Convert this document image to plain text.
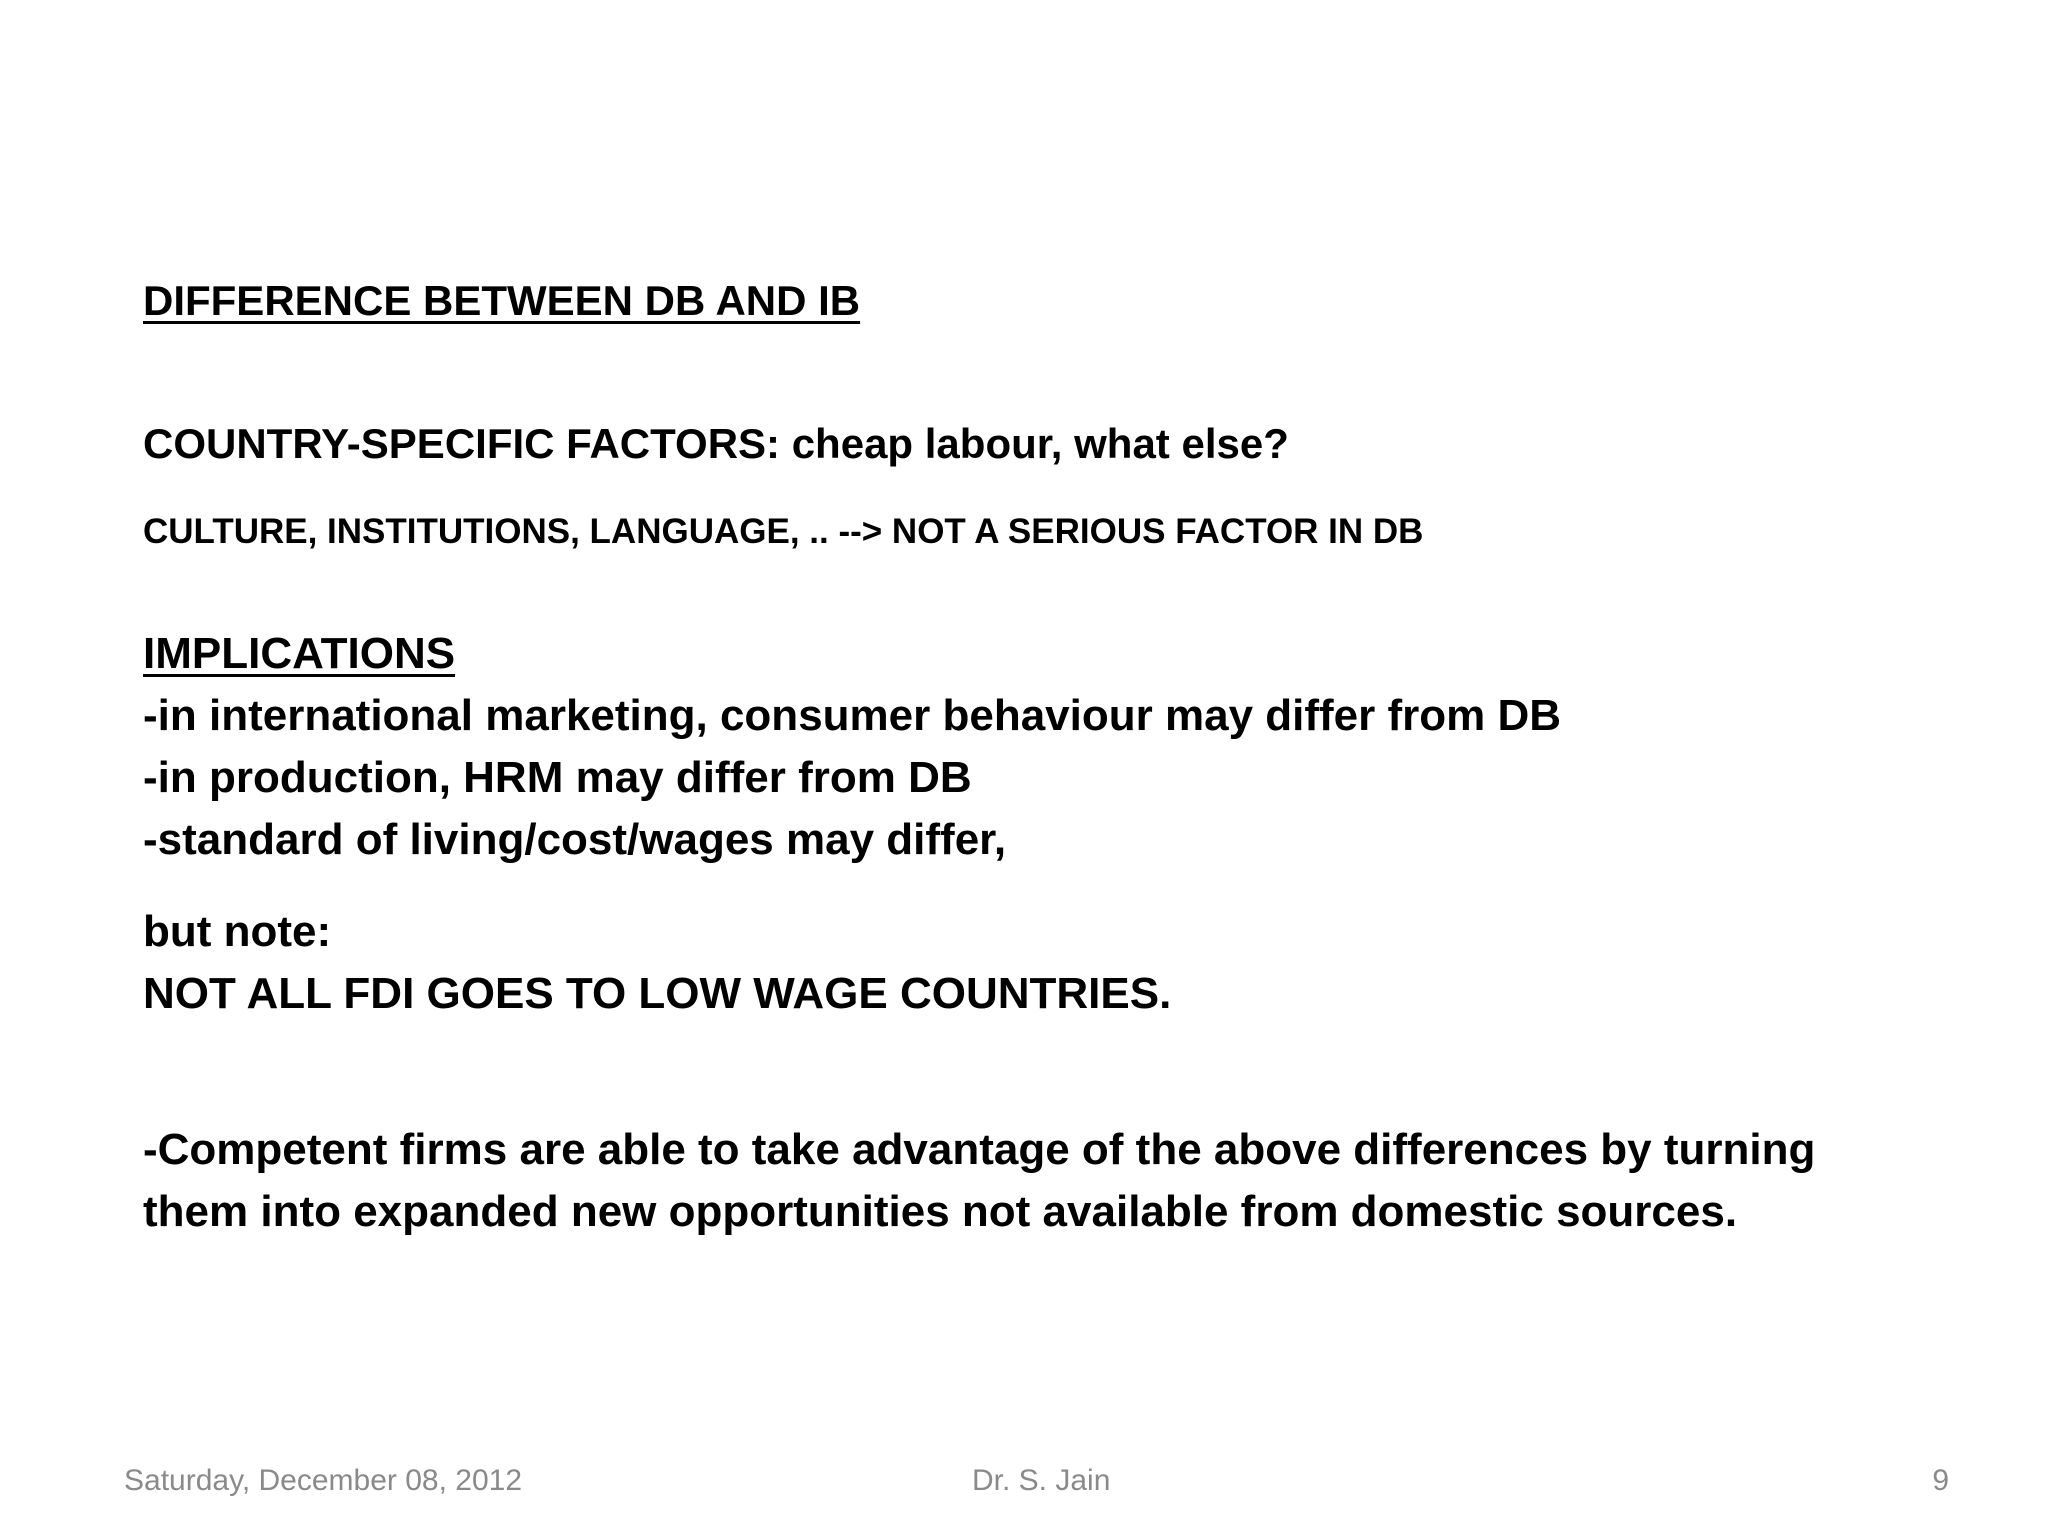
DIFFERENCE BETWEEN DB AND IB
COUNTRY-SPECIFIC FACTORS: cheap labour, what else?
CULTURE, INSTITUTIONS, LANGUAGE, .. --> NOT A SERIOUS FACTOR IN DB
IMPLICATIONS
-in international marketing, consumer behaviour may differ from DB
-in production, HRM may differ from DB
-standard of living/cost/wages may differ,
but note:
NOT ALL FDI GOES TO LOW WAGE COUNTRIES.
-Competent firms are able to take advantage of the above differences by turning
them into expanded new opportunities not available from domestic sources.
Saturday, December 08, 2012	Dr. S. Jain	9
